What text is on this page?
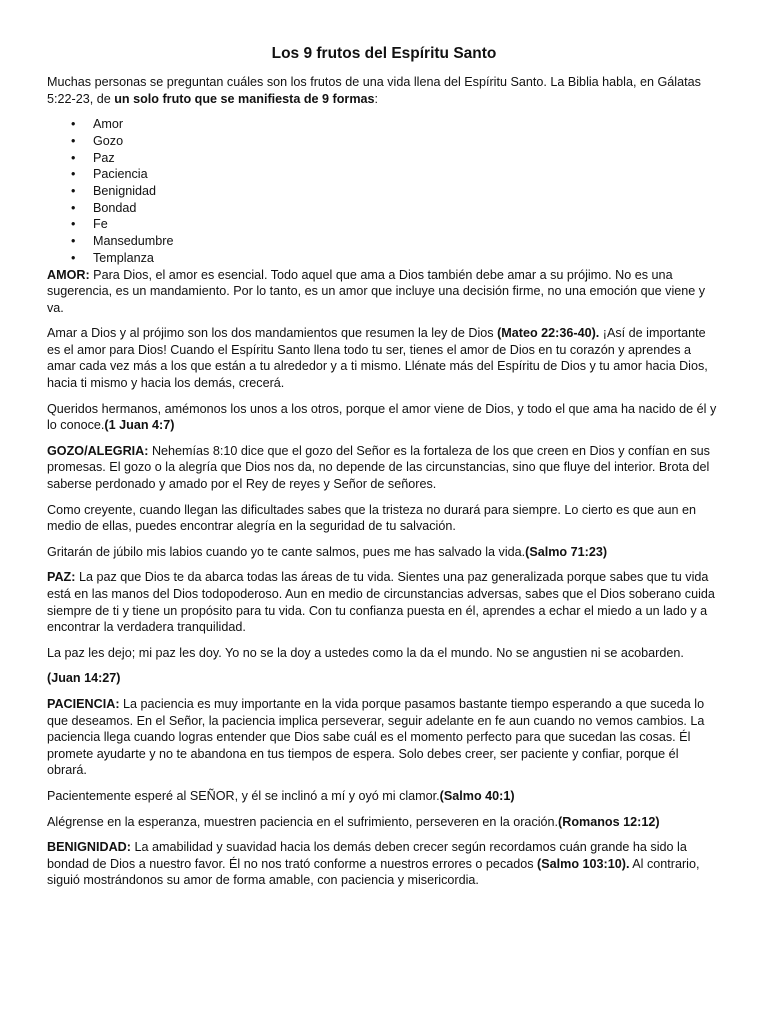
Los 9 frutos del Espíritu Santo

Muchas personas se preguntan cuáles son los frutos de una vida llena del Espíritu Santo. La Biblia habla, en Gálatas 5:22-23, de un solo fruto que se manifiesta de 9 formas:

• Amor
• Gozo
• Paz
• Paciencia
• Benignidad
• Bondad
• Fe
• Mansedumbre
• Templanza

AMOR: Para Dios, el amor es esencial. Todo aquel que ama a Dios también debe amar a su prójimo. No es una sugerencia, es un mandamiento. Por lo tanto, es un amor que incluye una decisión firme, no una emoción que viene y va.

Amar a Dios y al prójimo son los dos mandamientos que resumen la ley de Dios (Mateo 22:36-40). ¡Así de importante es el amor para Dios! Cuando el Espíritu Santo llena todo tu ser, tienes el amor de Dios en tu corazón y aprendes a amar cada vez más a los que están a tu alrededor y a ti mismo. Llénate más del Espíritu de Dios y tu amor hacia Dios, hacia ti mismo y hacia los demás, crecerá.

Queridos hermanos, amémonos los unos a los otros, porque el amor viene de Dios, y todo el que ama ha nacido de él y lo conoce.(1 Juan 4:7)

GOZO/ALEGRIA: Nehemías 8:10 dice que el gozo del Señor es la fortaleza de los que creen en Dios y confían en sus promesas. El gozo o la alegría que Dios nos da, no depende de las circunstancias, sino que fluye del interior. Brota del saberse perdonado y amado por el Rey de reyes y Señor de señores.

Como creyente, cuando llegan las dificultades sabes que la tristeza no durará para siempre. Lo cierto es que aun en medio de ellas, puedes encontrar alegría en la seguridad de tu salvación.

Gritarán de júbilo mis labios cuando yo te cante salmos, pues me has salvado la vida.(Salmo 71:23)

PAZ: La paz que Dios te da abarca todas las áreas de tu vida. Sientes una paz generalizada porque sabes que tu vida está en las manos del Dios todopoderoso. Aun en medio de circunstancias adversas, sabes que el Dios soberano cuida siempre de ti y tiene un propósito para tu vida. Con tu confianza puesta en él, aprendes a echar el miedo a un lado y a encontrar la verdadera tranquilidad.

La paz les dejo; mi paz les doy. Yo no se la doy a ustedes como la da el mundo. No se angustien ni se acobarden.

(Juan 14:27)

PACIENCIA: La paciencia es muy importante en la vida porque pasamos bastante tiempo esperando a que suceda lo que deseamos. En el Señor, la paciencia implica perseverar, seguir adelante en fe aun cuando no vemos cambios. La paciencia llega cuando logras entender que Dios sabe cuál es el momento perfecto para que sucedan las cosas. Él promete ayudarte y no te abandona en tus tiempos de espera. Solo debes creer, ser paciente y confiar, porque él obrará.

Pacientemente esperé al SEÑOR, y él se inclinó a mí y oyó mi clamor.(Salmo 40:1)

Alégrense en la esperanza, muestren paciencia en el sufrimiento, perseveren en la oración.(Romanos 12:12)

BENIGNIDAD: La amabilidad y suavidad hacia los demás deben crecer según recordamos cuán grande ha sido la bondad de Dios a nuestro favor. Él no nos trató conforme a nuestros errores o pecados (Salmo 103:10). Al contrario, siguió mostrándonos su amor de forma amable, con paciencia y misericordia.
